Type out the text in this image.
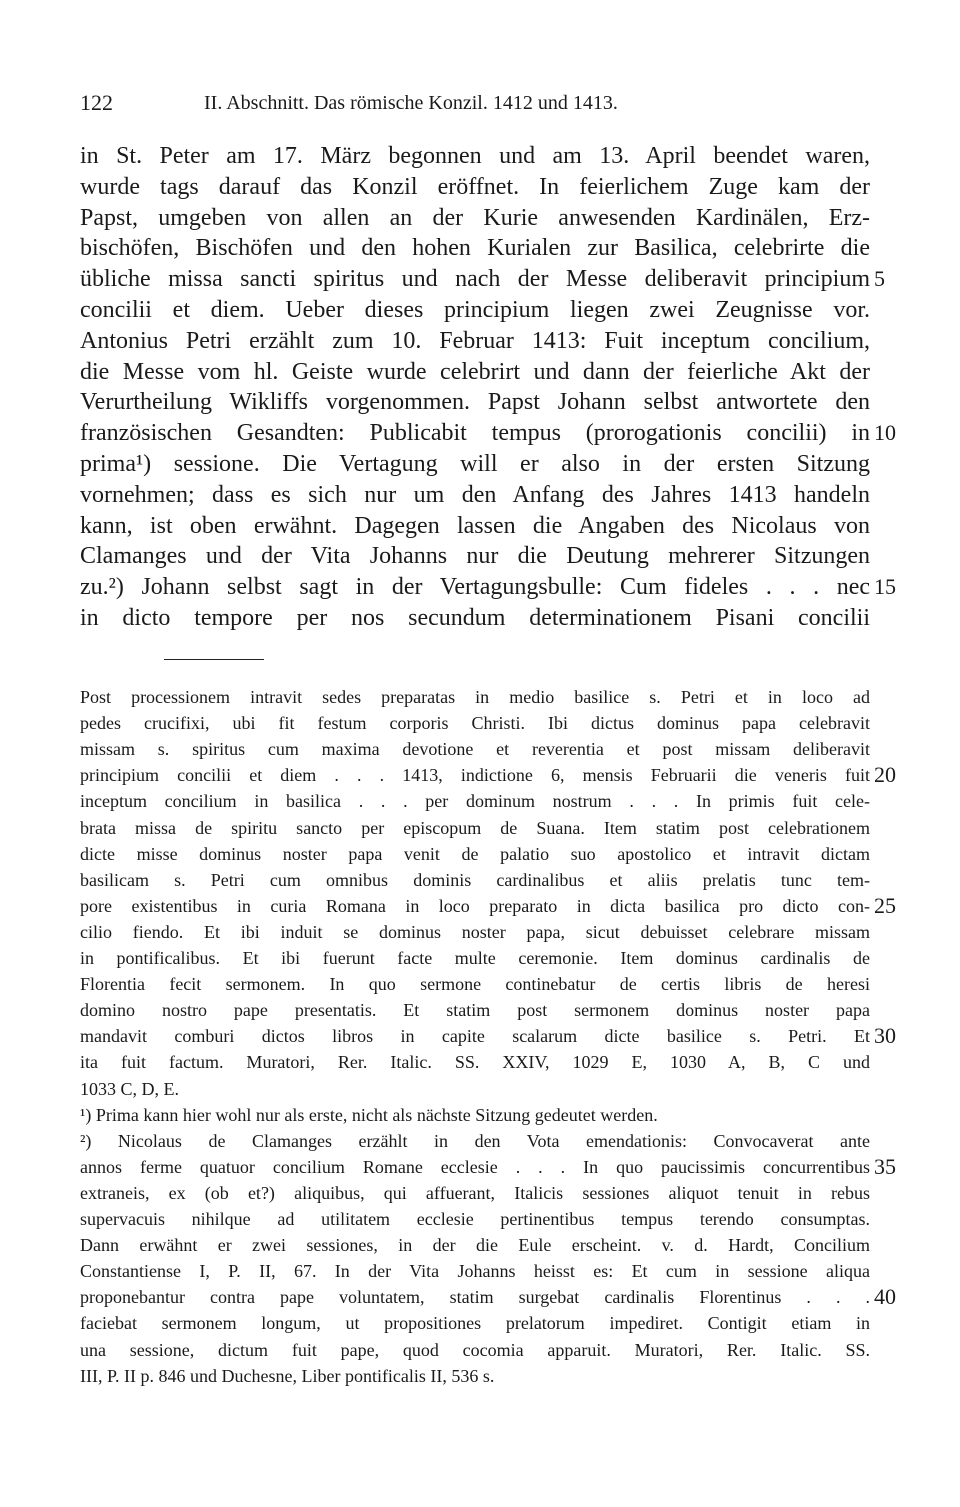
122	II. Abschnitt. Das römische Konzil. 1412 und 1413.
in St. Peter am 17. März begonnen und am 13. April beendet waren,
wurde tags darauf das Konzil eröffnet. In feierlichem Zuge kam der
Papst, umgeben von allen an der Kurie anwesenden Kardinälen, Erz-
bischöfen, Bischöfen und den hohen Kurialen zur Basilica, celebrirte die
übliche missa sancti spiritus und nach der Messe deliberavit principium
concilii et diem. Ueber dieses principium liegen zwei Zeugnisse vor.
Antonius Petri erzählt zum 10. Februar 1413: Fuit inceptum concilium,
die Messe vom hl. Geiste wurde celebrirt und dann der feierliche Akt der
Verurtheilung Wikliffs vorgenommen. Papst Johann selbst antwortete den
französischen Gesandten: Publicabit tempus (prorogationis concilii) in
prima¹) sessione. Die Vertagung will er also in der ersten Sitzung
vornehmen; dass es sich nur um den Anfang des Jahres 1413 handeln
kann, ist oben erwähnt. Dagegen lassen die Angaben des Nicolaus von
Clamanges und der Vita Johanns nur die Deutung mehrerer Sitzungen
zu.²) Johann selbst sagt in der Vertagungsbulle: Cum fideles . . . nec
in dicto tempore per nos secundum determinationem Pisani concilii
Post processionem intravit sedes preparatas in medio basilice s. Petri et in loco ad
pedes crucifixi, ubi fit festum corporis Christi. Ibi dictus dominus papa celebravit
missam s. spiritus cum maxima devotione et reverentia et post missam deliberavit
principium concilii et diem . . . 1413, indictione 6, mensis Februarii die veneris fuit
inceptum concilium in basilica . . . per dominum nostrum . . . In primis fuit cele-
brata missa de spiritu sancto per episcopum de Suana. Item statim post celebrationem
dicte misse dominus noster papa venit de palatio suo apostolico et intravit dictam
basilicam s. Petri cum omnibus dominis cardinalibus et aliis prelatis tunc tem-
pore existentibus in curia Romana in loco preparato in dicta basilica pro dicto con-
cilio fiendo. Et ibi induit se dominus noster papa, sicut debuisset celebrare missam
in pontificalibus. Et ibi fuerunt facte multe ceremonie. Item dominus cardinalis de
Florentia fecit sermonem. In quo sermone continebatur de certis libris de heresi
domino nostro pape presentatis. Et statim post sermonem dominus noster papa
mandavit comburi dictos libros in capite scalarum dicte basilice s. Petri. Et
ita fuit factum. Muratori, Rer. Italic. SS. XXIV, 1029 E, 1030 A, B, C und
1033 C, D, E.
¹) Prima kann hier wohl nur als erste, nicht als nächste Sitzung gedeutet werden.
²) Nicolaus de Clamanges erzählt in den Vota emendationis: Convocaverat ante
annos ferme quatuor concilium Romane ecclesie . . . In quo paucissimis concurrentibus
extraneis, ex (ob et?) aliquibus, qui affuerant, Italicis sessiones aliquot tenuit in rebus
supervacuis nihilque ad utilitatem ecclesie pertinentibus tempus terendo consumptas.
Dann erwähnt er zwei sessiones, in der die Eule erscheint. v. d. Hardt, Concilium
Constantiense I, P. II, 67. In der Vita Johanns heisst es: Et cum in sessione aliqua
proponebantur contra pape voluntatem, statim surgebat cardinalis Florentinus . . .
faciebat sermonem longum, ut propositiones prelatorum impediret. Contigit etiam in
una sessione, dictum fuit pape, quod cocomia apparuit. Muratori, Rer. Italic. SS.
III, P. II p. 846 und Duchesne, Liber pontificalis II, 536 s.
5
10
15
20
25
30
35
40
